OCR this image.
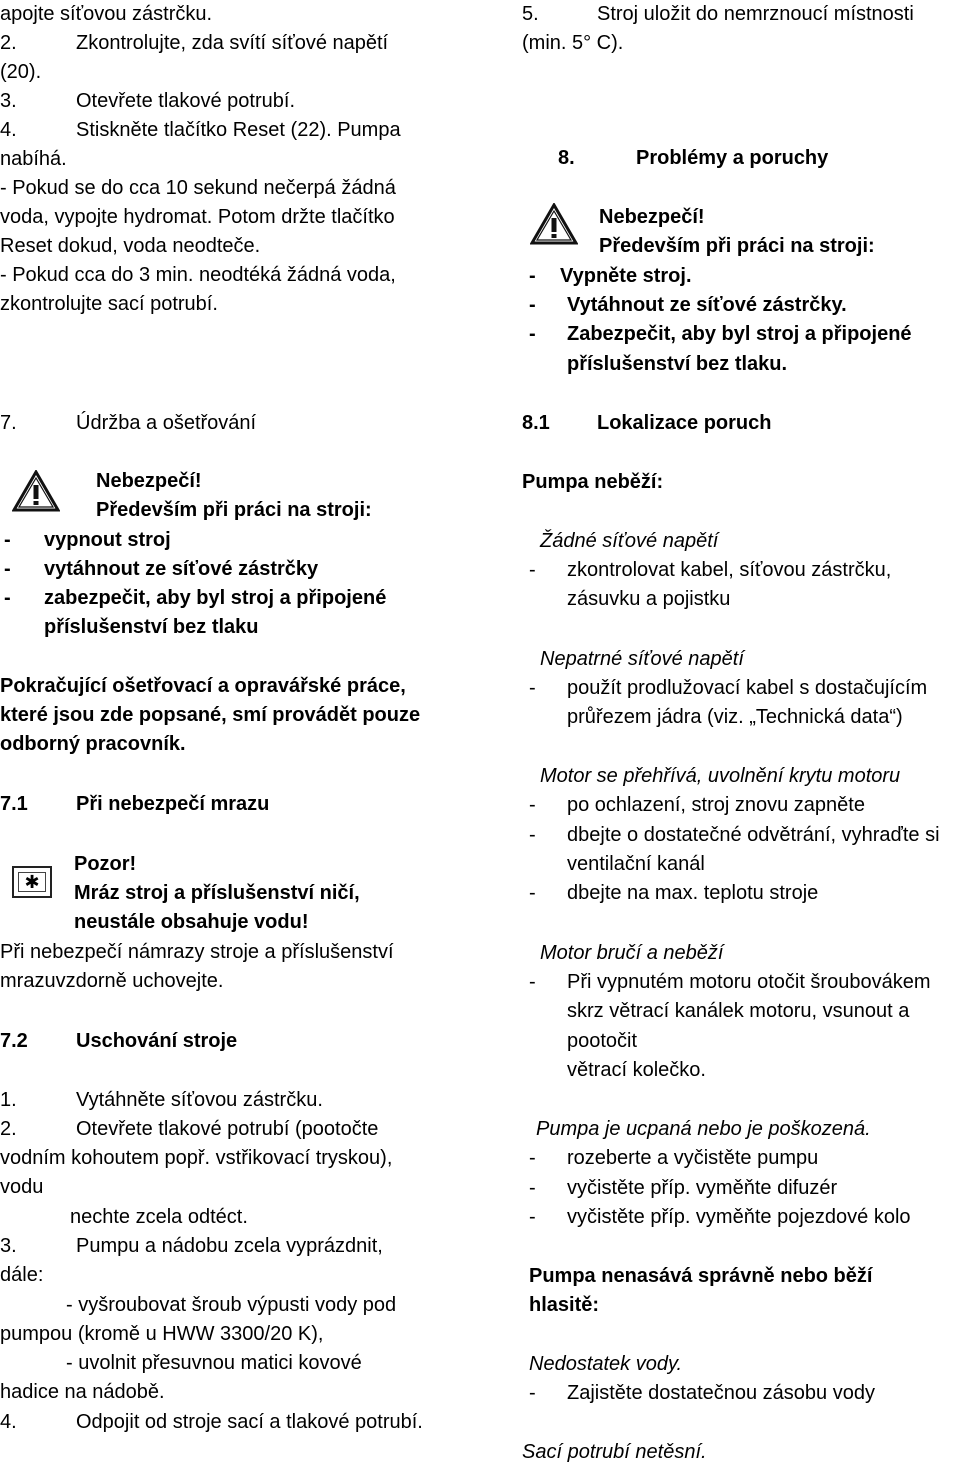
apojte síťovou zástrčku.
2.	Zkontrolujte, zda svítí síťové napětí
(20).
3.	Otevřete tlakové potrubí.
4.	Stiskněte tlačítko Reset (22). Pumpa
nabíhá.
- Pokud se do cca 10 sekund nečerpá žádná
voda, vypojte hydromat. Potom držte tlačítko
Reset dokud, voda neodteče.
- Pokud cca do 3 min. neodtéká žádná voda,
zkontrolujte sací potrubí.
7.	Údržba a ošetřování
Nebezpečí!
Především při práci na stroji:
- vypnout stroj
- vytáhnout ze síťové zástrčky
- zabezpečit, aby byl stroj a připojené
příslušenství bez tlaku
Pokračující ošetřovací a opravářské práce,
které jsou zde popsané, smí provádět pouze
odborný pracovník.
7.1 Při nebezpečí mrazu
✱
Pozor!
Mráz stroj a příslušenství ničí,
neustále obsahuje vodu!
Při nebezpečí námrazy stroje a příslušenství
mrazuvzdorně uchovejte.
7.2 Uschování stroje
1.	Vytáhněte síťovou zástrčku.
2.	Otevřete tlakové potrubí (pootočte
vodním kohoutem popř. vstřikovací tryskou),
vodu
nechte zcela odtéct.
3.	Pumpu a nádobu zcela vyprázdnit,
dále:
- vyšroubovat šroub výpusti vody pod
pumpou (kromě u HWW 3300/20 K),
- uvolnit přesuvnou matici kovové
hadice na nádobě.
4.	Odpojit od stroje sací a tlakové potrubí.
5.	Stroj uložit do nemrznoucí místnosti
(min. 5° C).
8.	Problémy a poruchy
Nebezpečí!
Především při práci na stroji:
- Vypněte stroj.
- Vytáhnout ze síťové zástrčky.
- Zabezpečit, aby byl stroj a připojené
příslušenství bez tlaku.
8.1 Lokalizace poruch
Pumpa neběží:
Žádné síťové napětí
- zkontrolovat kabel, síťovou zástrčku,
zásuvku a pojistku
Nepatrné síťové napětí
- použít prodlužovací kabel s dostačujícím
průřezem jádra (viz. „Technická data“)
Motor se přehřívá, uvolnění krytu motoru
- po ochlazení, stroj znovu zapněte
- dbejte o dostatečné odvětrání, vyhraďte si
ventilační kanál
- dbejte na max. teplotu stroje
Motor bručí a neběží
- Při vypnutém motoru otočit šroubovákem
skrz větrací kanálek motoru, vsunout a
pootočit
větrací kolečko.
Pumpa je ucpaná nebo je poškozená.
- rozeberte a vyčistěte pumpu
- vyčistěte příp. vyměňte difuzér
- vyčistěte příp. vyměňte pojezdové kolo
Pumpa nenasává správně nebo běží
hlasitě:
Nedostatek vody.
- Zajistěte dostatečnou zásobu vody
Sací potrubí netěsní.
